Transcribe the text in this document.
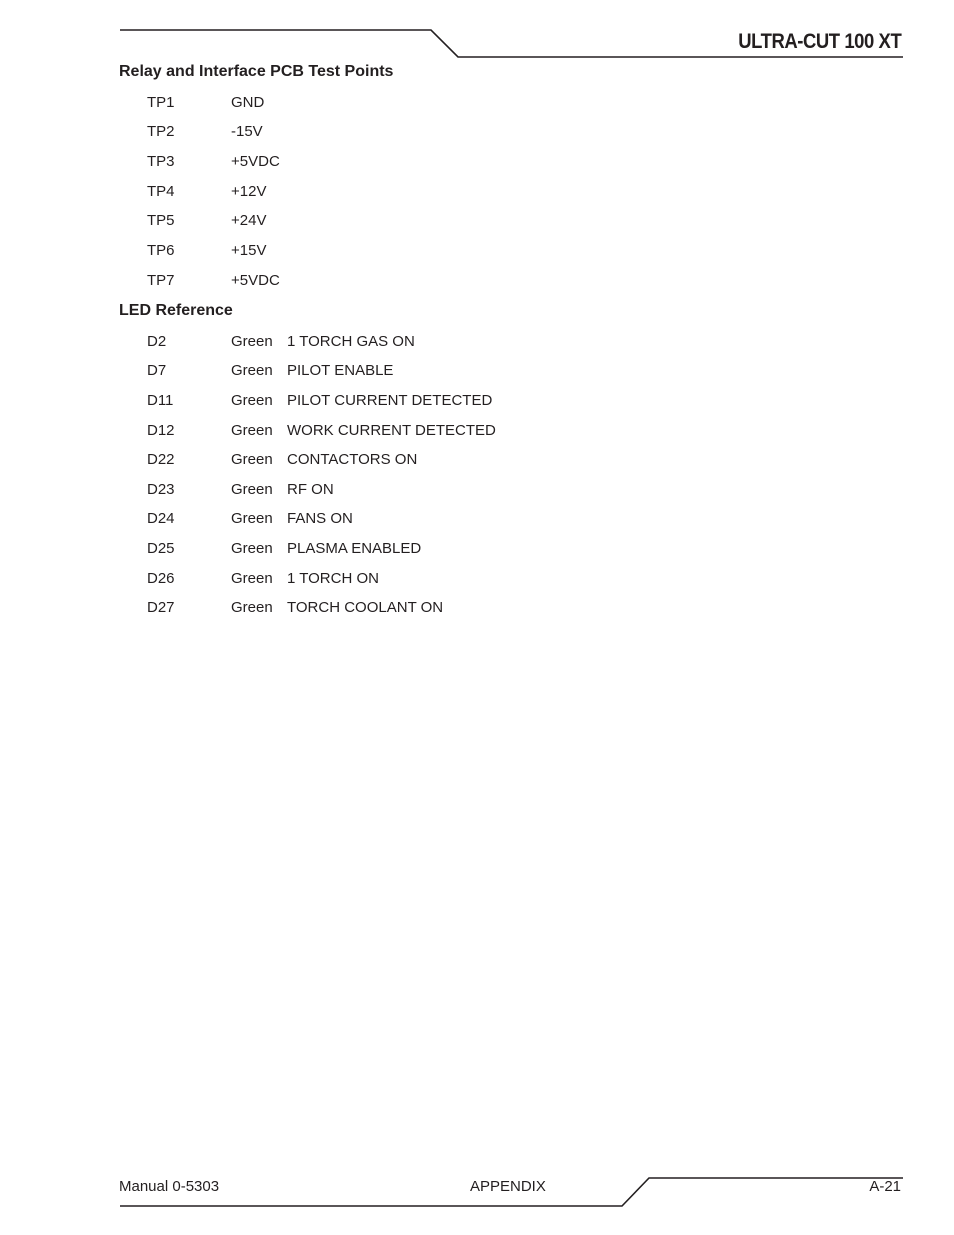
ULTRA-CUT 100 XT
Relay and Interface PCB Test Points
TP1	GND
TP2	-15V
TP3	+5VDC
TP4	+12V
TP5	+24V
TP6	+15V
TP7	+5VDC
LED Reference
D2	Green 1 TORCH GAS ON
D7	Green PILOT ENABLE
D11	Green PILOT CURRENT DETECTED
D12	Green WORK CURRENT DETECTED
D22	Green CONTACTORS ON
D23	Green RF ON
D24	Green FANS ON
D25	Green PLASMA ENABLED
D26	Green 1 TORCH ON
D27	Green TORCH COOLANT ON
Manual 0-5303	APPENDIX	A-21
